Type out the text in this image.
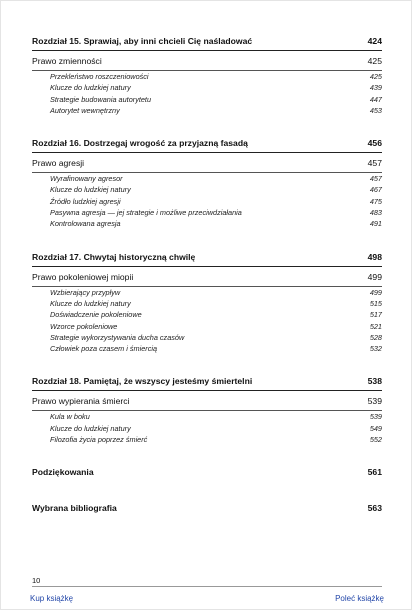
Rozdział 15. Sprawiaj, aby inni chcieli Cię naśladować	424
Prawo zmienności	425
Przekleństwo roszczeniowości	425
Klucze do ludzkiej natury	439
Strategie budowania autorytetu	447
Autorytet wewnętrzny	453
Rozdział 16. Dostrzegaj wrogość za przyjazną fasadą	456
Prawo agresji	457
Wyrafinowany agresor	457
Klucze do ludzkiej natury	467
Źródło ludzkiej agresji	475
Pasywna agresja — jej strategie i możliwe przeciwdziałania	483
Kontrolowana agresja	491
Rozdział 17. Chwytaj historyczną chwilę	498
Prawo pokoleniowej miopii	499
Wzbierający przypływ	499
Klucze do ludzkiej natury	515
Doświadczenie pokoleniowe	517
Wzorce pokoleniowe	521
Strategie wykorzystywania ducha czasów	528
Człowiek poza czasem i śmiercią	532
Rozdział 18. Pamiętaj, że wszyscy jesteśmy śmiertelni	538
Prawo wypierania śmierci	539
Kula w boku	539
Klucze do ludzkiej natury	549
Filozofia życia poprzez śmierć	552
Podziękowania	561
Wybrana bibliografia	563
10
Kup książkę	Poleć książkę
